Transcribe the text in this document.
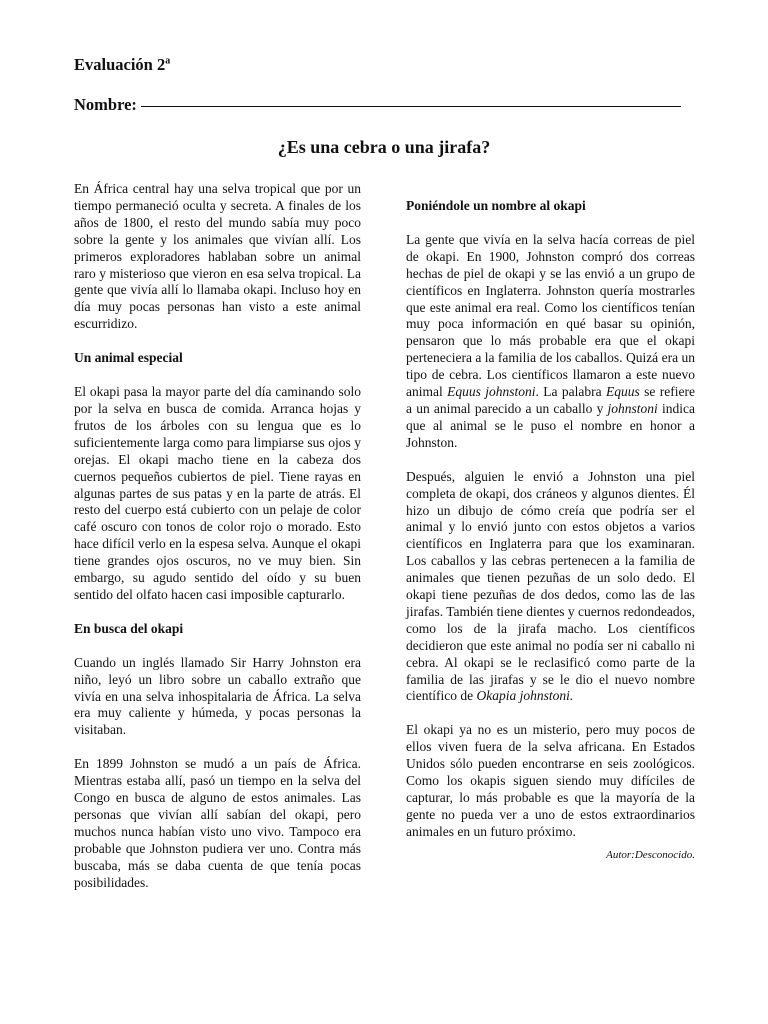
Evaluación 2$^a$

Nombre:

¿Es una cebra o una jirafa?

En África central hay una selva tropical que por un tiempo permaneció oculta y secreta. A finales de los años de 1800, el resto del mundo sabía muy poco sobre la gente y los animales que vivían allí. Los primeros exploradores hablaban sobre un animal raro y misterioso que vieron en esa selva tropical. La gente que vivía allí lo llamaba okapi. Incluso hoy en día muy pocas personas han visto a este animal escurridizo.

Un animal especial

El okapi pasa la mayor parte del día caminando solo por la selva en busca de comida. Arranca hojas y frutos de los árboles con su lengua que es lo suficientemente larga como para limpiarse sus ojos y orejas. El okapi macho tiene en la cabeza dos cuernos pequeños cubiertos de piel. Tiene rayas en algunas partes de sus patas y en la parte de atrás. El resto del cuerpo está cubierto con un pelaje de color café oscuro con tonos de color rojo o morado. Esto hace difícil verlo en la espesa selva. Aunque el okapi tiene grandes ojos oscuros, no ve muy bien. Sin embargo, su agudo sentido del oído y su buen sentido del olfato hacen casi imposible capturarlo.

En busca del okapi

Cuando un inglés llamado Sir Harry Johnston era niño, leyó un libro sobre un caballo extraño que vivía en una selva inhospitalaria de África. La selva era muy caliente y húmeda, y pocas personas la visitaban.

En 1899 Johnston se mudó a un país de África. Mientras estaba allí, pasó un tiempo en la selva del Congo en busca de alguno de estos animales. Las personas que vivían allí sabían del okapi, pero muchos nunca habían visto uno vivo. Tampoco era probable que Johnston pudiera ver uno. Contra más buscaba, más se daba cuenta de que tenía pocas posibilidades.

Poniéndole un nombre al okapi

La gente que vivía en la selva hacía correas de piel de okapi. En 1900, Johnston compró dos correas hechas de piel de okapi y se las envió a un grupo de científicos en Inglaterra. Johnston quería mostrarles que este animal era real. Como los científicos tenían muy poca información en qué basar su opinión, pensaron que lo más probable era que el okapi perteneciera a la familia de los caballos. Quizá era un tipo de cebra. Los científicos llamaron a este nuevo animal Equus johnstoni. La palabra Equus se refiere a un animal parecido a un caballo y johnstoni indica que al animal se le puso el nombre en honor a Johnston.

Después, alguien le envió a Johnston una piel completa de okapi, dos cráneos y algunos dientes. Él hizo un dibujo de cómo creía que podría ser el animal y lo envió junto con estos objetos a varios científicos en Inglaterra para que los examinaran. Los caballos y las cebras pertenecen a la familia de animales que tienen pezuñas de un solo dedo. El okapi tiene pezuñas de dos dedos, como las de las jirafas. También tiene dientes y cuernos redondeados, como los de la jirafa macho. Los científicos decidieron que este animal no podía ser ni caballo ni cebra. Al okapi se le reclasificó como parte de la familia de las jirafas y se le dio el nuevo nombre científico de Okapia johnstoni.

El okapi ya no es un misterio, pero muy pocos de ellos viven fuera de la selva africana. En Estados Unidos sólo pueden encontrarse en seis zoológicos. Como los okapis siguen siendo muy difíciles de capturar, lo más probable es que la mayoría de la gente no pueda ver a uno de estos extraordinarios animales en un futuro próximo.

Autor:Desconocido.
